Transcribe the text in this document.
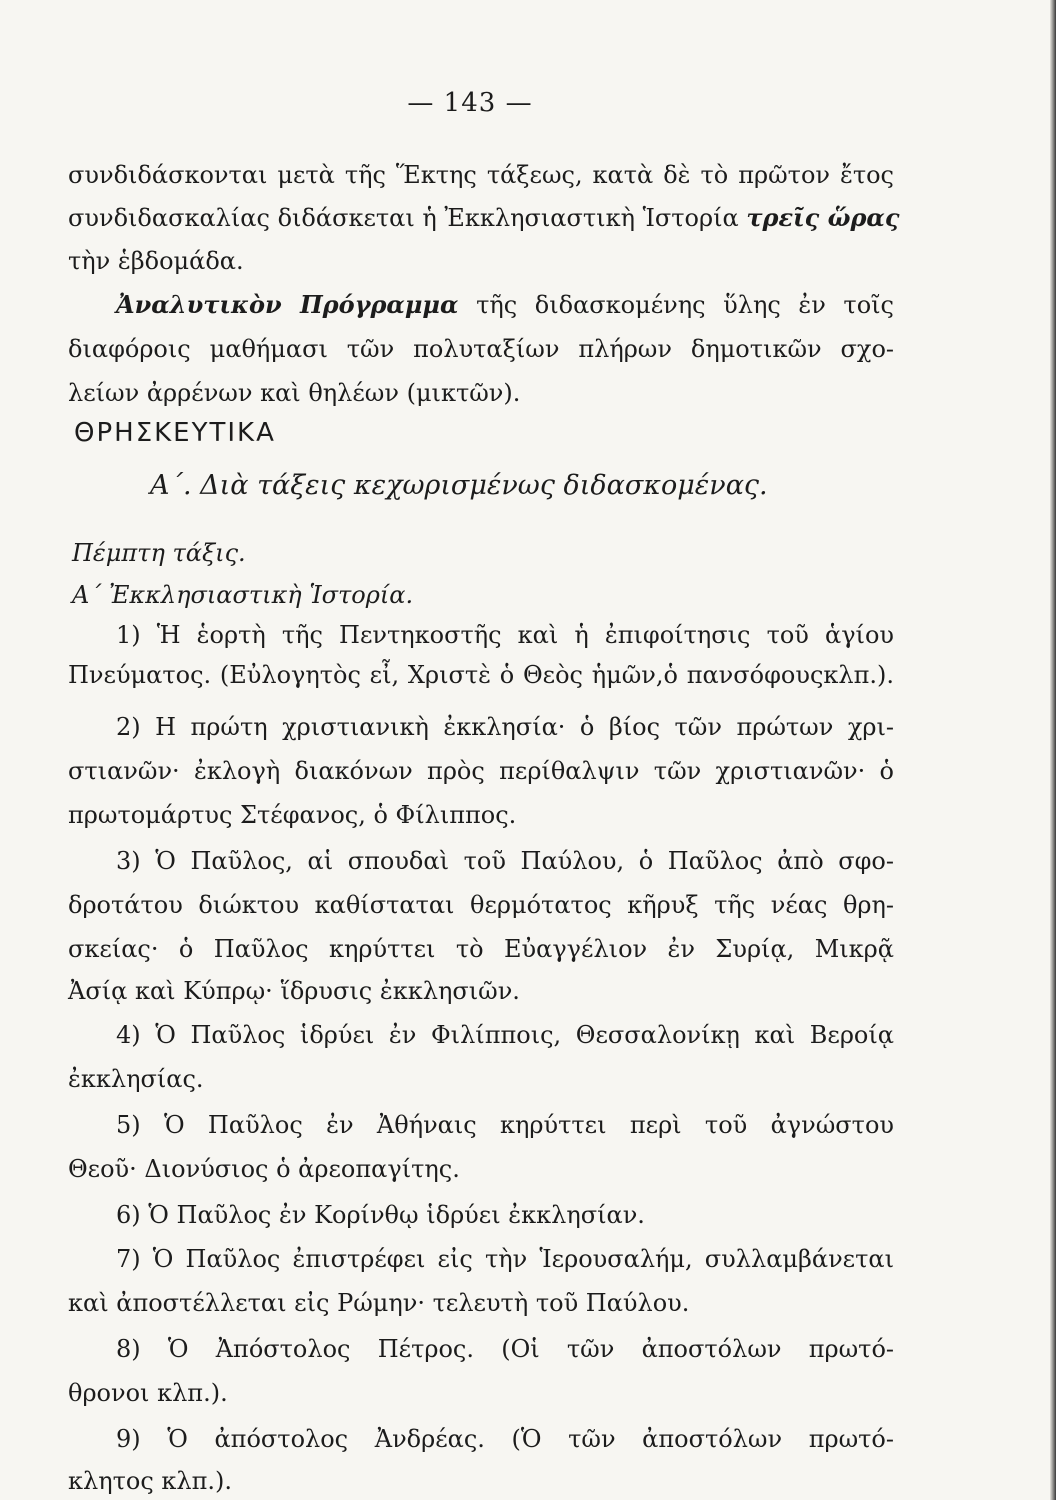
— 143 —
συνδιδάσκονται μετὰ τῆς Ἕκτης τάξεως, κατὰ δὲ τὸ πρῶτον ἔτος
συνδιδασκαλίας διδάσκεται ἡ Ἐκκλησιαστικὴ Ἱστορία τρεῖς ὥρας
τὴν ἑβδομάδα.
Ἀναλυτικὸν Πρόγραμμα τῆς διδασκομένης ὕλης ἐν τοῖς
διαφόροις μαθήμασι τῶν πολυταξίων πλήρων δημοτικῶν σχο-
λείων ἀρρένων καὶ θηλέων (μικτῶν).
ΘΡΗΣΚΕΥΤΙΚΑ
Α΄. Διὰ τάξεις κεχωρισμένως διδασκομένας.
Πέμπτη τάξις.
Α΄ Ἐκκλησιαστικὴ Ἱστορία.
1) Ἡ ἑορτὴ τῆς Πεντηκοστῆς καὶ ἡ ἐπιφοίτησις τοῦ ἁγίου
Πνεύματος. (Εὐλογητὸς εἶ, Χριστὲ ὁ Θεὸς ἡμῶν,ὁ πανσόφουςκλπ.).
2) Η πρώτη χριστιανικὴ ἐκκλησία· ὁ βίος τῶν πρώτων χρι-
στιανῶν· ἐκλογὴ διακόνων πρὸς περίθαλψιν τῶν χριστιανῶν· ὁ
πρωτομάρτυς Στέφανος, ὁ Φίλιππος.
3) Ὁ Παῦλος, αἱ σπουδαὶ τοῦ Παύλου, ὁ Παῦλος ἀπὸ σφο-
δροτάτου διώκτου καθίσταται θερμότατος κῆρυξ τῆς νέας θρη-
σκείας· ὁ Παῦλος κηρύττει τὸ Εὐαγγέλιον ἐν Συρίᾳ, Μικρᾷ
Ἀσίᾳ καὶ Κύπρῳ· ἵδρυσις ἐκκλησιῶν.
4) Ὁ Παῦλος ἱδρύει ἐν Φιλίπποις, Θεσσαλονίκῃ καὶ Βεροίᾳ
ἐκκλησίας.
5) Ὁ Παῦλος ἐν Ἀθήναις κηρύττει περὶ τοῦ ἀγνώστου
Θεοῦ· Διονύσιος ὁ ἀρεοπαγίτης.
6) Ὁ Παῦλος ἐν Κορίνθῳ ἱδρύει ἐκκλησίαν.
7) Ὁ Παῦλος ἐπιστρέφει εἰς τὴν Ἱερουσαλήμ, συλλαμβάνεται
καὶ ἀποστέλλεται εἰς Ρώμην· τελευτὴ τοῦ Παύλου.
8) Ὁ Ἀπόστολος Πέτρος. (Οἱ τῶν ἀποστόλων πρωτό-
θρονοι κλπ.).
9) Ὁ ἀπόστολος Ἀνδρέας. (Ὁ τῶν ἀποστόλων πρωτό-
κλητος κλπ.).
